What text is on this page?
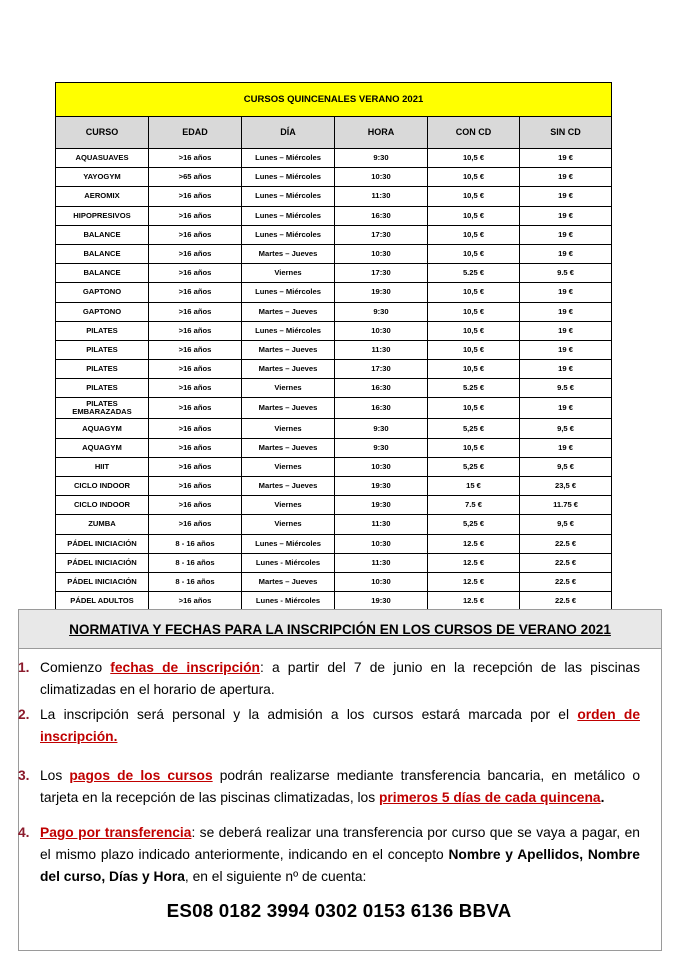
CURSOS QUINCENALES VERANO 2021					
CURSO	EDAD	DÍA	HORA	CON CD	SIN CD
AQUASUAVES	>16 años	Lunes – Miércoles	9:30	10,5 €	19 €
YAYOGYM	>65 años	Lunes – Miércoles	10:30	10,5 €	19 €
AEROMIX	>16 años	Lunes – Miércoles	11:30	10,5 €	19 €
HIPOPRESIVOS	>16 años	Lunes – Miércoles	16:30	10,5 €	19 €
BALANCE	>16 años	Lunes – Miércoles	17:30	10,5 €	19 €
BALANCE	>16 años	Martes – Jueves	10:30	10,5 €	19 €
BALANCE	>16 años	Viernes	17:30	5.25 €	9.5 €
GAPTONO	>16 años	Lunes – Miércoles	19:30	10,5 €	19 €
GAPTONO	>16 años	Martes – Jueves	9:30	10,5 €	19 €
PILATES	>16 años	Lunes – Miércoles	10:30	10,5 €	19 €
PILATES	>16 años	Martes – Jueves	11:30	10,5 €	19 €
PILATES	>16 años	Martes – Jueves	17:30	10,5 €	19 €
PILATES	>16 años	Viernes	16:30	5.25 €	9.5 €
PILATES EMBARAZADAS	>16 años	Martes – Jueves	16:30	10,5 €	19 €
AQUAGYM	>16 años	Viernes	9:30	5,25 €	9,5 €
AQUAGYM	>16 años	Martes – Jueves	9:30	10,5 €	19 €
HIIT	>16 años	Viernes	10:30	5,25 €	9,5 €
CICLO INDOOR	>16 años	Martes – Jueves	19:30	15 €	23,5 €
CICLO INDOOR	>16 años	Viernes	19:30	7.5 €	11.75 €
ZUMBA	>16 años	Viernes	11:30	5,25 €	9,5 €
PÁDEL INICIACIÓN	8 - 16 años	Lunes – Miércoles	10:30	12.5 €	22.5 €
PÁDEL INICIACIÓN	8 - 16 años	Lunes - Miércoles	11:30	12.5 €	22.5 €
PÁDEL INICIACIÓN	8 - 16 años	Martes – Jueves	10:30	12.5 €	22.5 €
PÁDEL ADULTOS	>16 años	Lunes - Miércoles	19:30	12.5 €	22.5 €
NORMATIVA Y FECHAS PARA LA INSCRIPCIÓN EN LOS CURSOS DE VERANO 2021
1. Comienzo fechas de inscripción: a partir del 7 de junio en la recepción de las piscinas climatizadas en el horario de apertura.
2. La inscripción será personal y la admisión a los cursos estará marcada por el orden de inscripción.
3. Los pagos de los cursos podrán realizarse mediante transferencia bancaria, en metálico o tarjeta en la recepción de las piscinas climatizadas, los primeros 5 días de cada quincena.
4. Pago por transferencia: se deberá realizar una transferencia por curso que se vaya a pagar, en el mismo plazo indicado anteriormente, indicando en el concepto Nombre y Apellidos, Nombre del curso, Días y Hora, en el siguiente nº de cuenta:
ES08 0182 3994 0302 0153 6136 BBVA
